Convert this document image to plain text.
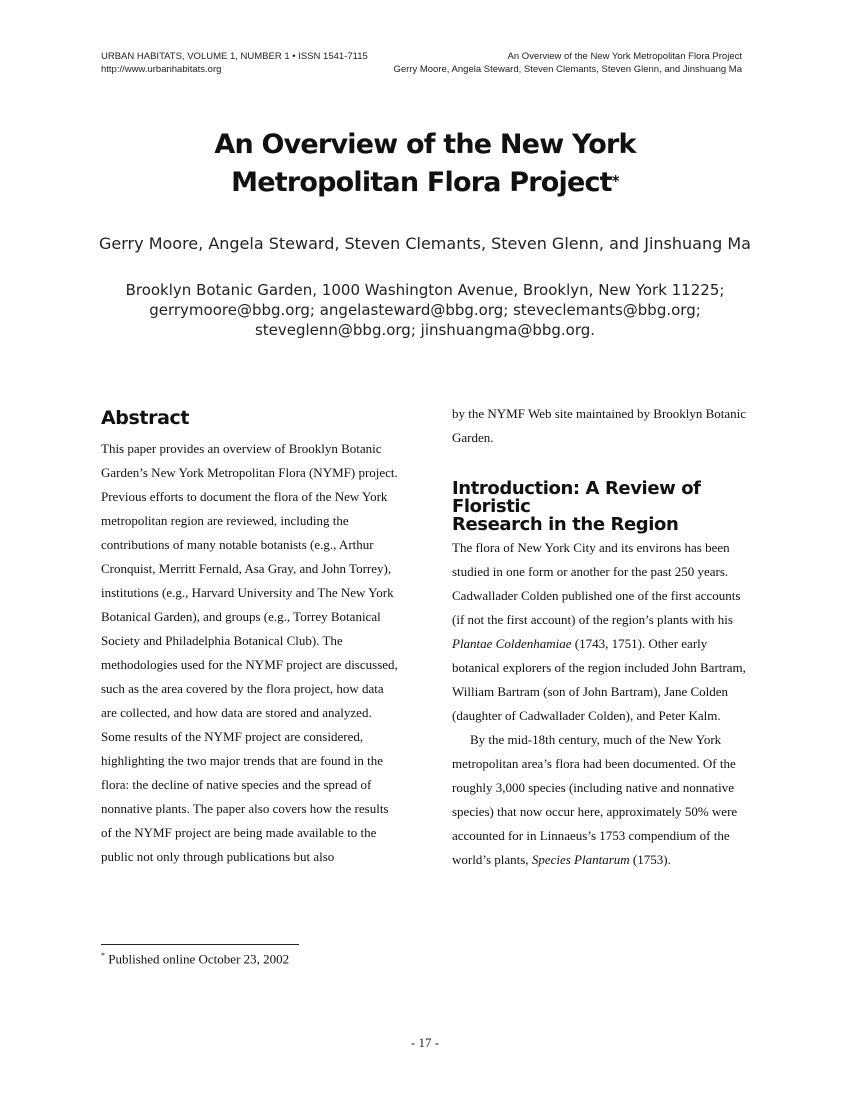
URBAN HABITATS, VOLUME 1, NUMBER 1 • ISSN 1541-7115
http://www.urbanhabitats.org
An Overview of the New York Metropolitan Flora Project
Gerry Moore, Angela Steward, Steven Clemants, Steven Glenn, and Jinshuang Ma
An Overview of the New York
Metropolitan Flora Project*
Gerry Moore, Angela Steward, Steven Clemants, Steven Glenn, and Jinshuang Ma
Brooklyn Botanic Garden, 1000 Washington Avenue, Brooklyn, New York 11225;
gerrymoore@bbg.org; angelasteward@bbg.org; steveclemants@bbg.org;
steveglenn@bbg.org; jinshuangma@bbg.org.
Abstract

This paper provides an overview of Brooklyn Botanic Garden’s New York Metropolitan Flora (NYMF) project. Previous efforts to document the flora of the New York metropolitan region are reviewed, including the contributions of many notable botanists (e.g., Arthur Cronquist, Merritt Fernald, Asa Gray, and John Torrey), institutions (e.g., Harvard University and The New York Botanical Garden), and groups (e.g., Torrey Botanical Society and Philadelphia Botanical Club). The methodologies used for the NYMF project are discussed, such as the area covered by the flora project, how data are collected, and how data are stored and analyzed. Some results of the NYMF project are considered, highlighting the two major trends that are found in the flora: the decline of native species and the spread of nonnative plants. The paper also covers how the results of the NYMF project are being made available to the public not only through publications but also

by the NYMF Web site maintained by Brooklyn Botanic Garden.

Introduction: A Review of Floristic
Research in the Region

The flora of New York City and its environs has been studied in one form or another for the past 250 years. Cadwallader Colden published one of the first accounts (if not the first account) of the region’s plants with his Plantae Coldenhamiae (1743, 1751). Other early botanical explorers of the region included John Bartram, William Bartram (son of John Bartram), Jane Colden (daughter of Cadwallader Colden), and Peter Kalm.

By the mid-18th century, much of the New York metropolitan area’s flora had been documented. Of the roughly 3,000 species (including native and nonnative species) that now occur here, approximately 50% were accounted for in Linnaeus’s 1753 compendium of the world’s plants, Species Plantarum (1753).

* Published online October 23, 2002
- 17 -
